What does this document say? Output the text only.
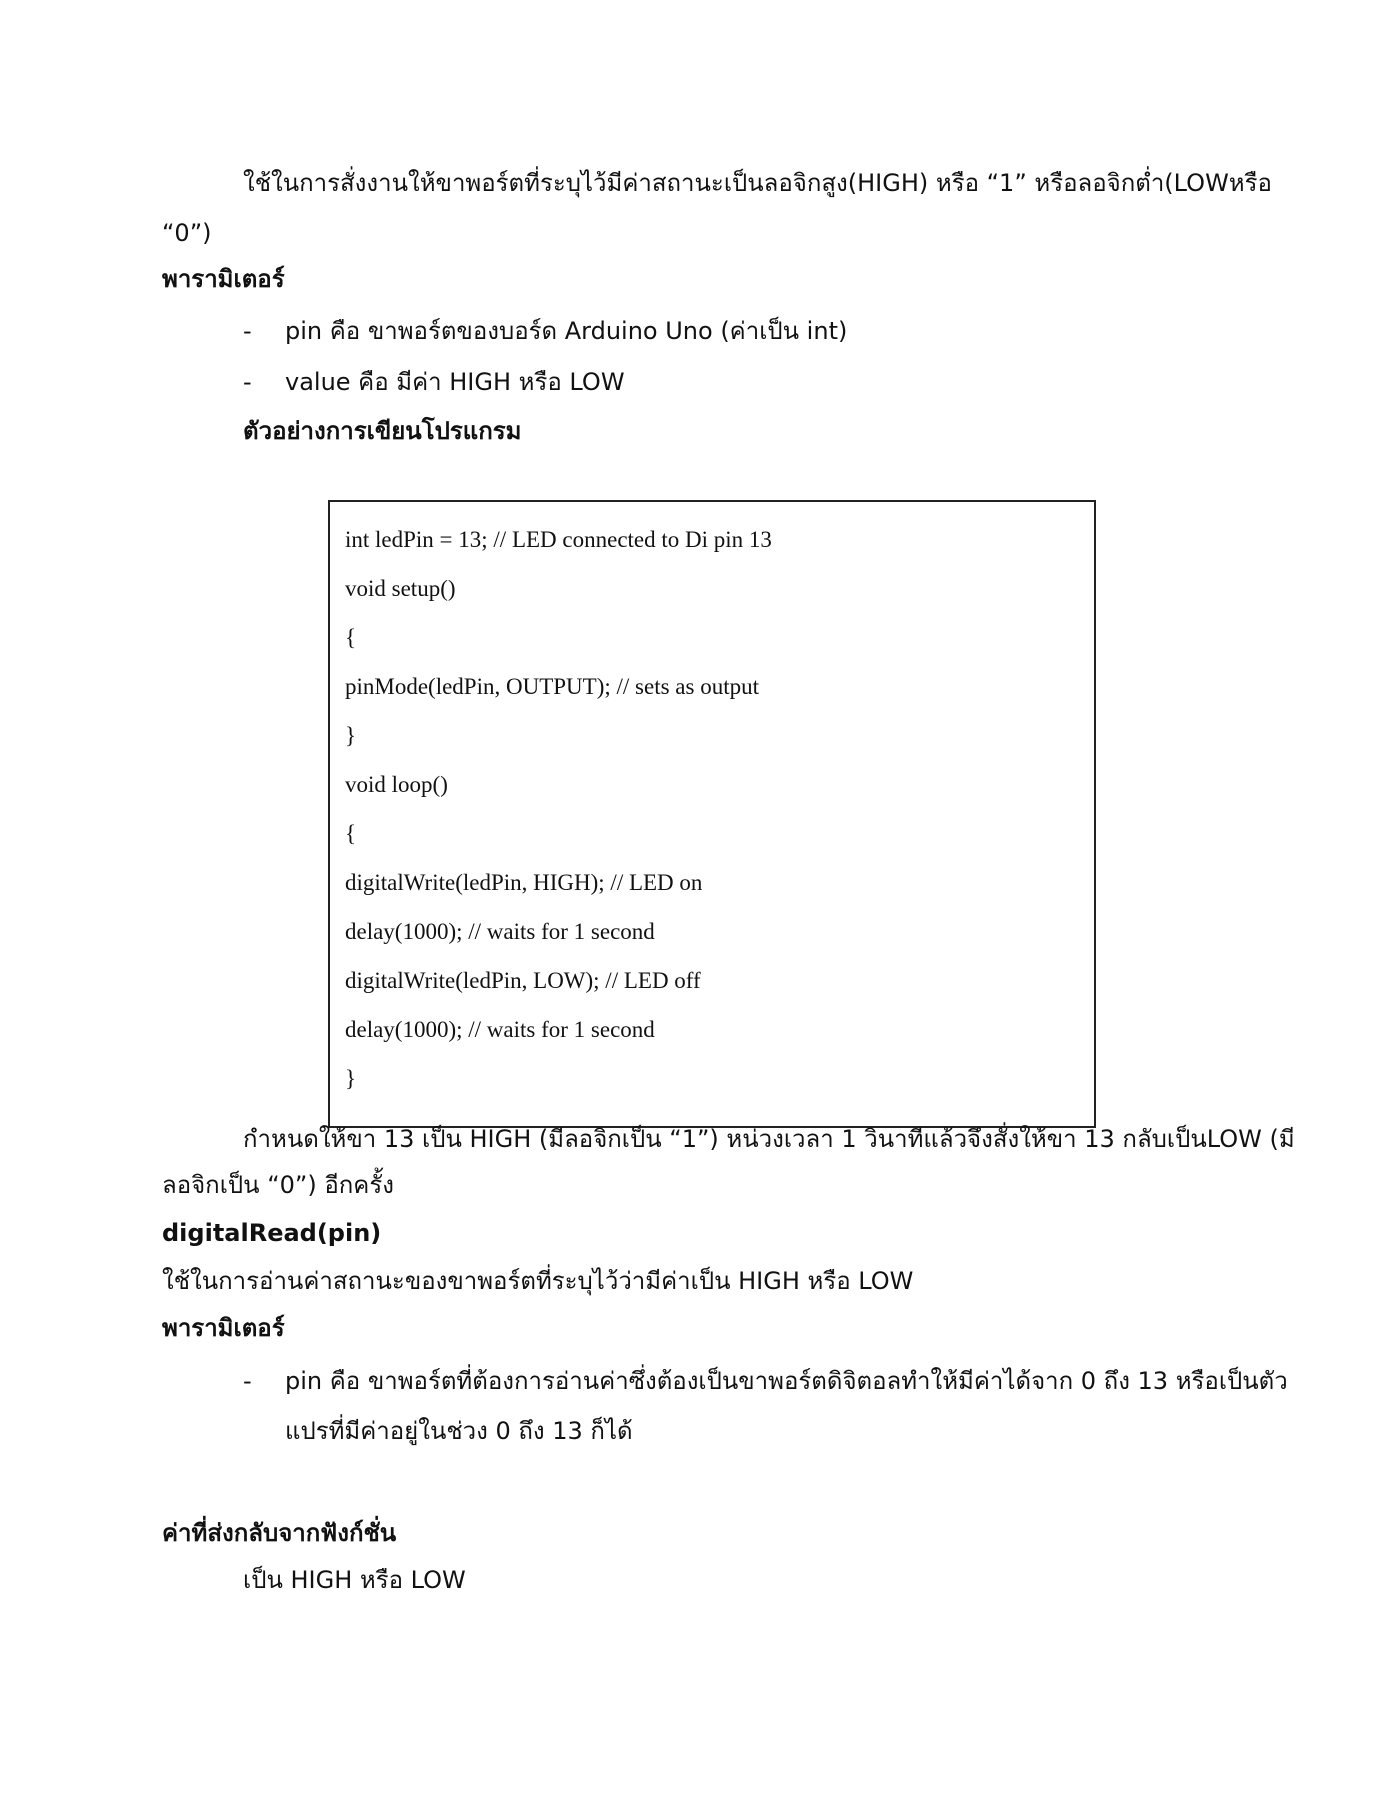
ใช้ในการสั่งงานให้ขาพอร์ตที่ระบุไว้มีค่าสถานะเป็นลอจิกสูง(HIGH) หรือ “1” หรือลอจิกต่ำ(LOWหรือ
“0”)
พารามิเตอร์
- pin คือ ขาพอร์ตของบอร์ด Arduino Uno (ค่าเป็น int)
- value คือ มีค่า HIGH หรือ LOW
ตัวอย่างการเขียนโปรแกรม
int ledPin = 13; // LED connected to Di pin 13
void setup()
{
pinMode(ledPin, OUTPUT); // sets as output
}
void loop()
{
digitalWrite(ledPin, HIGH); // LED on
delay(1000); // waits for 1 second
digitalWrite(ledPin, LOW); // LED off
delay(1000); // waits for 1 second
}
กำหนดให้ขา 13 เป็น HIGH (มีลอจิกเป็น “1”) หน่วงเวลา 1 วินาทีแล้วจึงสั่งให้ขา 13 กลับเป็นLOW (มี
ลอจิกเป็น “0”) อีกครั้ง
digitalRead(pin)
ใช้ในการอ่านค่าสถานะของขาพอร์ตที่ระบุไว้ว่ามีค่าเป็น HIGH หรือ LOW
พารามิเตอร์
- pin คือ ขาพอร์ตที่ต้องการอ่านค่าซึ่งต้องเป็นขาพอร์ตดิจิตอลทำให้มีค่าได้จาก 0 ถึง 13 หรือเป็นตัว
แปรที่มีค่าอยู่ในช่วง 0 ถึง 13 ก็ได้
ค่าที่ส่งกลับจากฟังก์ชั่น
เป็น HIGH หรือ LOW
